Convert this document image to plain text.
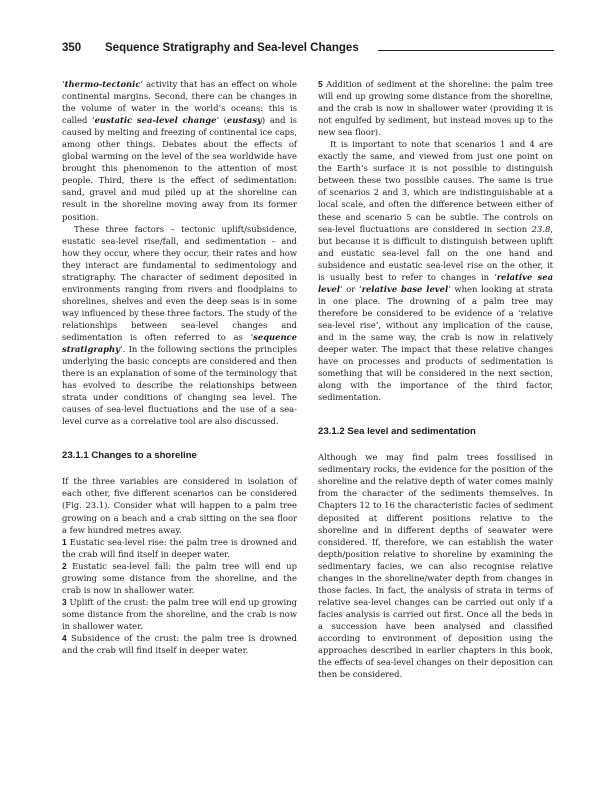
350 Sequence Stratigraphy and Sea-level Changes

‘thermo-tectonic’ activity that has an effect on whole continental margins. Second, there can be changes in the volume of water in the world’s oceans: this is called ‘eustatic sea-level change’ (eustasy) and is caused by melting and freezing of continental ice caps, among other things. Debates about the effects of global warming on the level of the sea worldwide have brought this phenomenon to the attention of most people. Third, there is the effect of sedimentation: sand, gravel and mud piled up at the shoreline can result in the shoreline moving away from its former position.

These three factors – tectonic uplift/subsidence, eustatic sea-level rise/fall, and sedimentation – and how they occur, where they occur, their rates and how they interact are fundamental to sedimentology and stratigraphy. The character of sediment deposited in environments ranging from rivers and floodplains to shorelines, shelves and even the deep seas is in some way influenced by these three factors. The study of the relationships between sea-level changes and sedimentation is often referred to as ‘sequence stratigraphy’. In the following sections the principles underlying the basic concepts are considered and then there is an explanation of some of the terminology that has evolved to describe the relationships between strata under conditions of changing sea level. The causes of sea-level fluctuations and the use of a sea-level curve as a correlative tool are also discussed.

23.1.1 Changes to a shoreline

If the three variables are considered in isolation of each other, five different scenarios can be considered (Fig. 23.1). Consider what will happen to a palm tree growing on a beach and a crab sitting on the sea floor a few hundred metres away.

1 Eustatic sea-level rise: the palm tree is drowned and the crab will find itself in deeper water.

2 Eustatic sea-level fall: the palm tree will end up growing some distance from the shoreline, and the crab is now in shallower water.

3 Uplift of the crust: the palm tree will end up growing some distance from the shoreline, and the crab is now in shallower water.

4 Subsidence of the crust: the palm tree is drowned and the crab will find itself in deeper water.

5 Addition of sediment at the shoreline: the palm tree will end up growing some distance from the shoreline, and the crab is now in shallower water (providing it is not engulfed by sediment, but instead moves up to the new sea floor).

It is important to note that scenarios 1 and 4 are exactly the same, and viewed from just one point on the Earth’s surface it is not possible to distinguish between these two possible causes. The same is true of scenarios 2 and 3, which are indistinguishable at a local scale, and often the difference between either of these and scenario 5 can be subtle. The controls on sea-level fluctuations are considered in section 23.8, but because it is difficult to distinguish between uplift and eustatic sea-level fall on the one hand and subsidence and eustatic sea-level rise on the other, it is usually best to refer to changes in ‘relative sea level’ or ‘relative base level’ when looking at strata in one place. The drowning of a palm tree may therefore be considered to be evidence of a ‘relative sea-level rise’, without any implication of the cause, and in the same way, the crab is now in relatively deeper water. The impact that these relative changes have on processes and products of sedimentation is something that will be considered in the next section, along with the importance of the third factor, sedimentation.

23.1.2 Sea level and sedimentation

Although we may find palm trees fossilised in sedimentary rocks, the evidence for the position of the shoreline and the relative depth of water comes mainly from the character of the sediments themselves. In Chapters 12 to 16 the characteristic facies of sediment deposited at different positions relative to the shoreline and in different depths of seawater were considered. If, therefore, we can establish the water depth/position relative to shoreline by examining the sedimentary facies, we can also recognise relative changes in the shoreline/water depth from changes in those facies. In fact, the analysis of strata in terms of relative sea-level changes can be carried out only if a facies analysis is carried out first. Once all the beds in a succession have been analysed and classified according to environment of deposition using the approaches described in earlier chapters in this book, the effects of sea-level changes on their deposition can then be considered.
